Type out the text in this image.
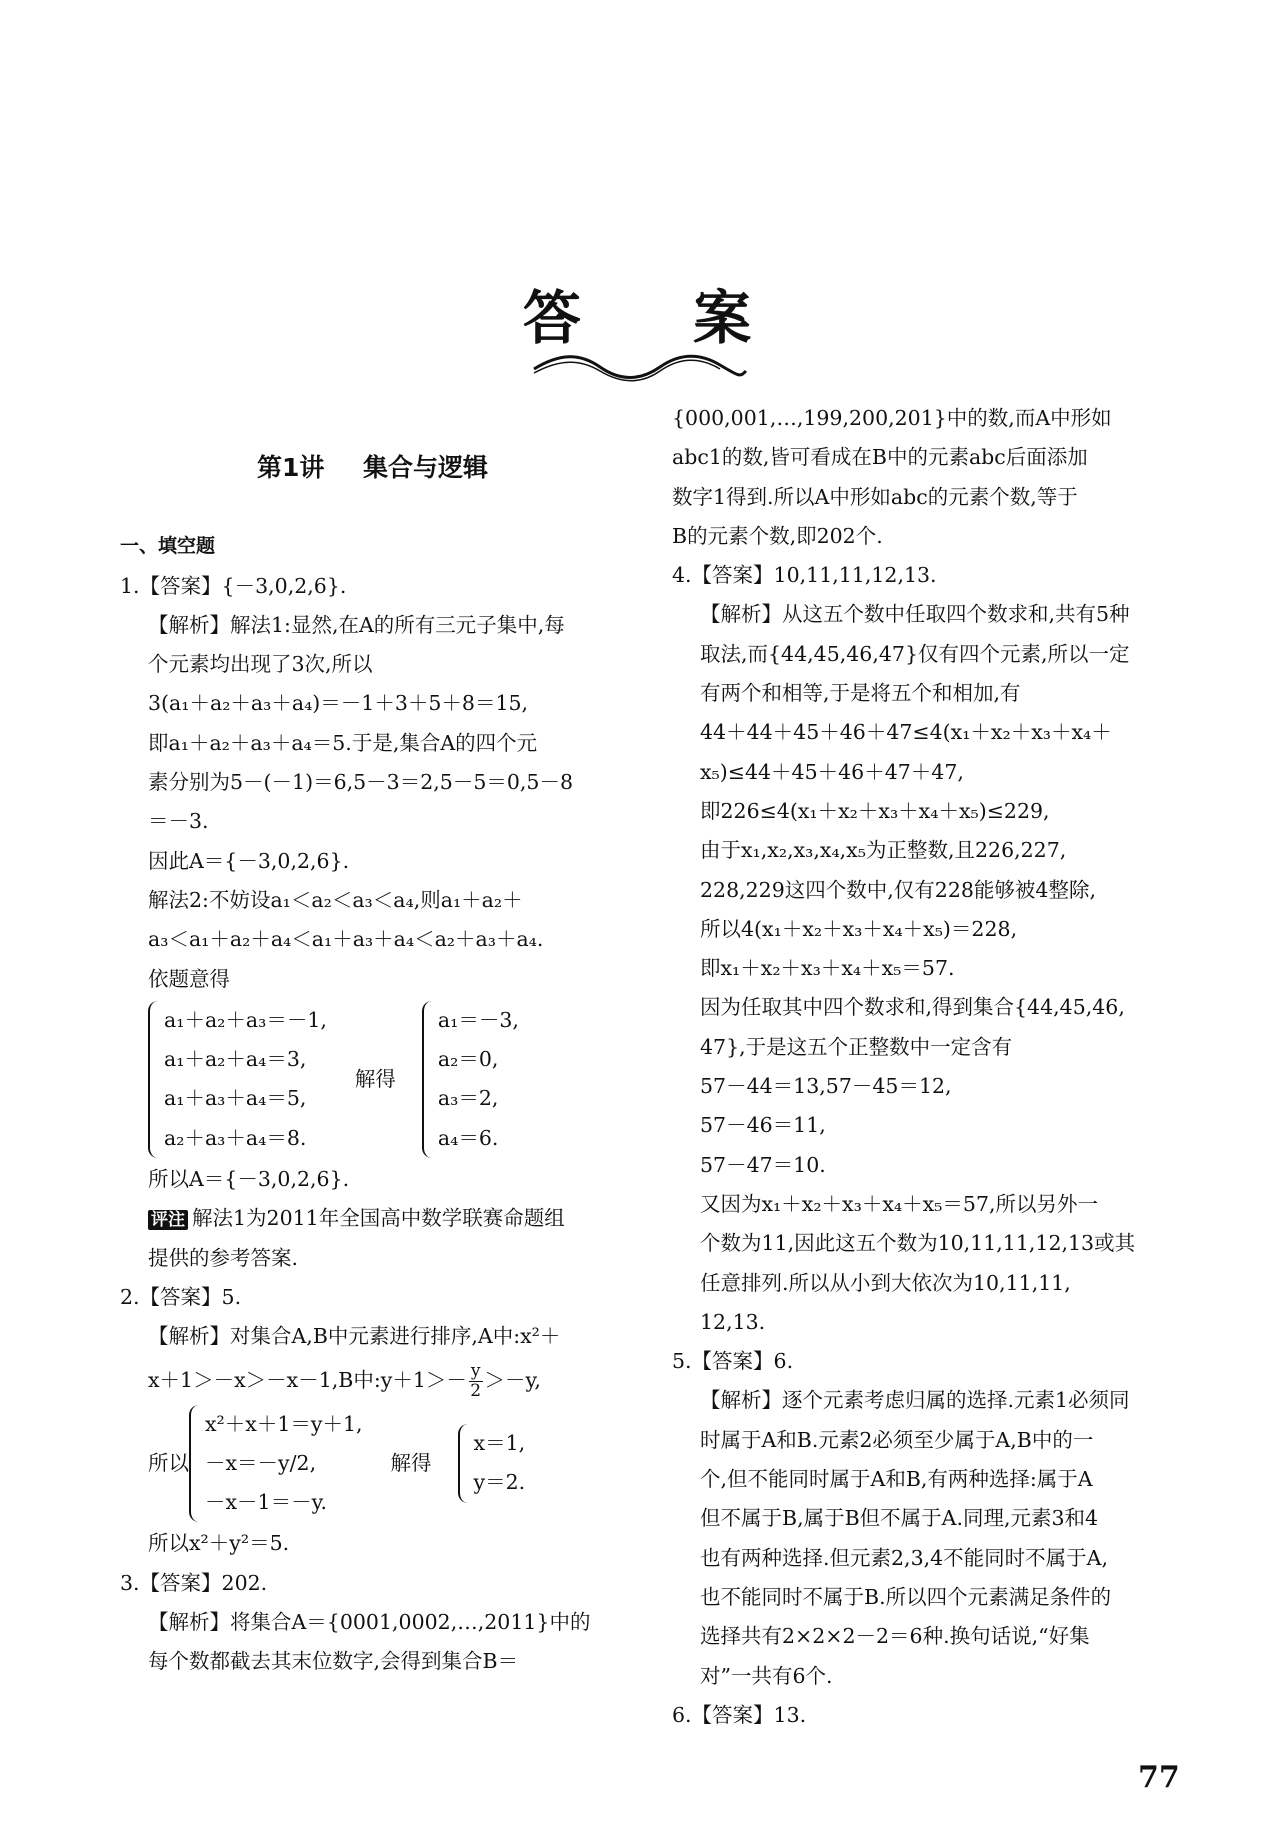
答 案
第1讲 集合与逻辑
一、填空题
1.【答案】{－3,0,2,6}.
【解析】解法1:显然,在A的所有三元子集中,每
个元素均出现了3次,所以
3(a₁＋a₂＋a₃＋a₄)＝－1＋3＋5＋8＝15,
即a₁＋a₂＋a₃＋a₄＝5.于是,集合A的四个元
素分别为5－(－1)＝6,5－3＝2,5－5＝0,5－8
＝－3.
因此A＝{－3,0,2,6}.
解法2:不妨设a₁＜a₂＜a₃＜a₄,则a₁＋a₂＋
a₃＜a₁＋a₂＋a₄＜a₁＋a₃＋a₄＜a₂＋a₃＋a₄.
依题意得
a₁＋a₂＋a₃＝－1,
a₁＋a₂＋a₄＝3,
a₁＋a₃＋a₄＝5,
a₂＋a₃＋a₄＝8.
解得
a₁＝－3,
a₂＝0,
a₃＝2,
a₄＝6.
所以A＝{－3,0,2,6}.
评注 解法1为2011年全国高中数学联赛命题组
提供的参考答案.
2.【答案】5.
【解析】对集合A,B中元素进行排序,A中:x²＋
x＋1＞－x＞－x－1,B中:y＋1＞－ $\frac{y}{2} >-y$,
所以
x²＋x＋1＝y＋1,
－x＝－y/2,
－x－1＝－y.
解得
x＝1,
y＝2.
所以x²＋y²＝5.
3.【答案】202.
【解析】将集合A＝{0001,0002,…,2011}中的
每个数都截去其末位数字,会得到集合B＝
{000,001,…,199,200,201}中的数,而A中形如
abc1的数,皆可看成在B中的元素abc后面添加
数字1得到.所以A中形如abc的元素个数,等于
B的元素个数,即202个.
4.【答案】10,11,11,12,13.
【解析】从这五个数中任取四个数求和,共有5种
取法,而{44,45,46,47}仅有四个元素,所以一定
有两个和相等,于是将五个和相加,有
44＋44＋45＋46＋47≤4(x₁＋x₂＋x₃＋x₄＋
x₅)≤44＋45＋46＋47＋47,
即226≤4(x₁＋x₂＋x₃＋x₄＋x₅)≤229,
由于x₁,x₂,x₃,x₄,x₅为正整数,且226,227,
228,229这四个数中,仅有228能够被4整除,
所以4(x₁＋x₂＋x₃＋x₄＋x₅)＝228,
即x₁＋x₂＋x₃＋x₄＋x₅＝57.
因为任取其中四个数求和,得到集合{44,45,46,
47},于是这五个正整数中一定含有
57－44＝13,57－45＝12,
57－46＝11,
57－47＝10.
又因为x₁＋x₂＋x₃＋x₄＋x₅＝57,所以另外一
个数为11,因此这五个数为10,11,11,12,13或其
任意排列.所以从小到大依次为10,11,11,
12,13.
5.【答案】6.
【解析】逐个元素考虑归属的选择.元素1必须同
时属于A和B.元素2必须至少属于A,B中的一
个,但不能同时属于A和B,有两种选择:属于A
但不属于B,属于B但不属于A.同理,元素3和4
也有两种选择.但元素2,3,4不能同时不属于A,
也不能同时不属于B.所以四个元素满足条件的
选择共有2×2×2－2＝6种.换句话说,“好集
对”一共有6个.
6.【答案】13.
77
